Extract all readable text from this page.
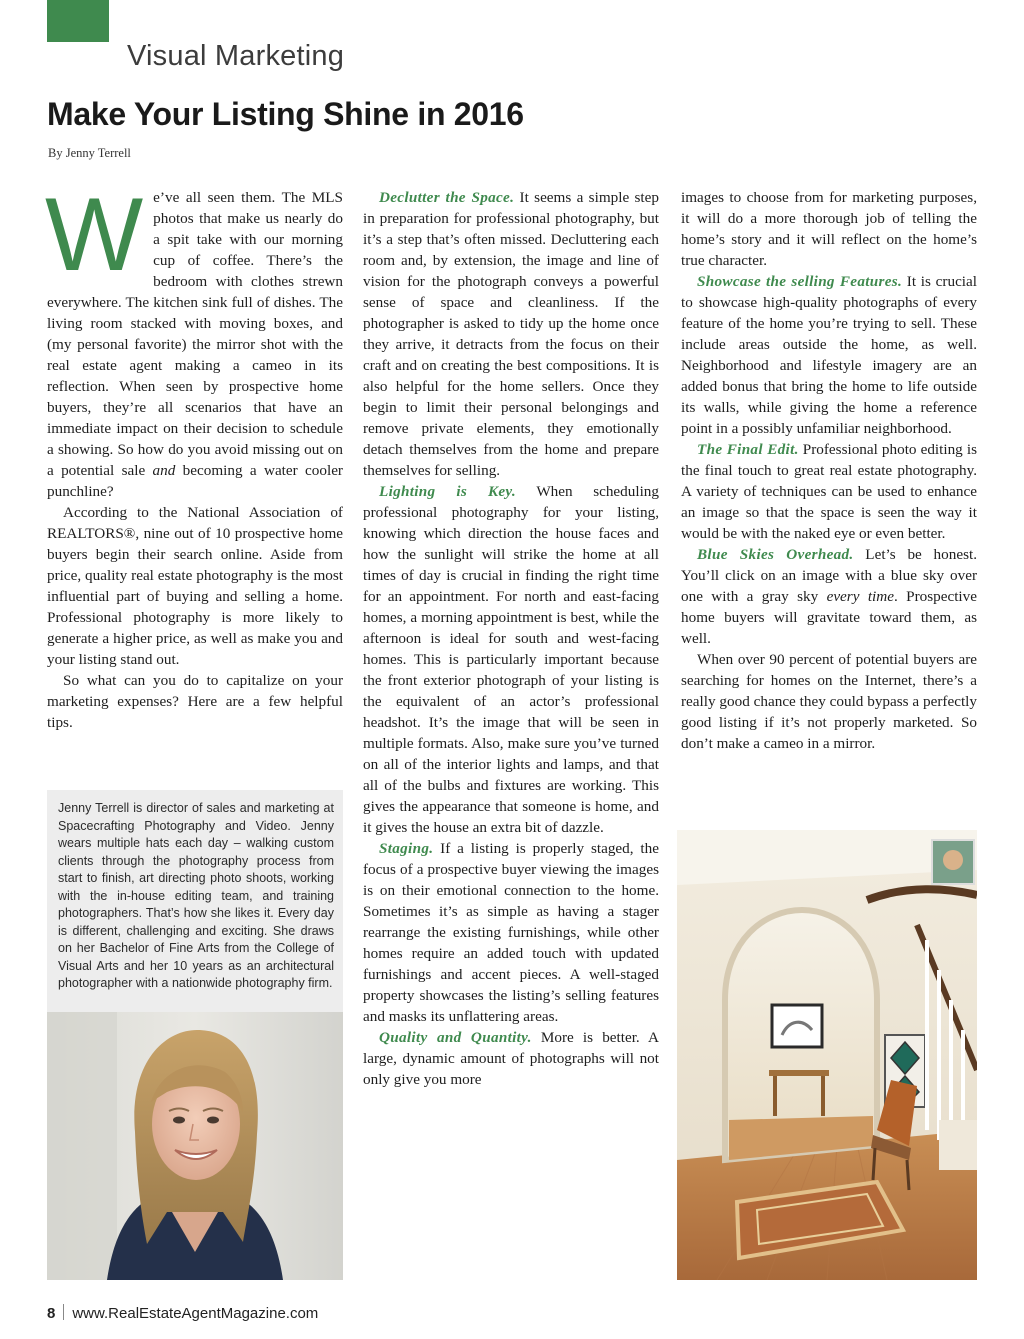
Visual Marketing
Make Your Listing Shine in 2016
By Jenny Terrell

We’ve all seen them. The MLS photos that make us nearly do a spit take with our morning cup of coffee. There’s the bedroom with clothes strewn everywhere. The kitchen sink full of dishes. The living room stacked with moving boxes, and (my personal favorite) the mirror shot with the real estate agent making a cameo in its reflection. When seen by prospective home buyers, they’re all scenarios that have an immediate impact on their decision to schedule a showing. So how do you avoid missing out on a potential sale and becoming a water cooler punchline?

According to the National Association of REALTORS®, nine out of 10 prospective home buyers begin their search online. Aside from price, quality real estate photography is the most influential part of buying and selling a home. Professional photography is more likely to generate a higher price, as well as make you and your listing stand out.

So what can you do to capitalize on your marketing expenses? Here are a few helpful tips.

Jenny Terrell is director of sales and marketing at Spacecrafting Photography and Video. Jenny wears multiple hats each day – walking custom clients through the photography process from start to finish, art directing photo shoots, working with the in-house editing team, and training photographers. That’s how she likes it. Every day is different, challenging and exciting. She draws on her Bachelor of Fine Arts from the College of Visual Arts and her 10 years as an architectural photographer with a nationwide photography firm.

Declutter the Space. It seems a simple step in preparation for professional photography, but it’s a step that’s often missed. Decluttering each room and, by extension, the image and line of vision for the photograph conveys a powerful sense of space and cleanliness. If the photographer is asked to tidy up the home once they arrive, it detracts from the focus on their craft and on creating the best compositions. It is also helpful for the home sellers. Once they begin to limit their personal belongings and remove private elements, they emotionally detach themselves from the home and prepare themselves for selling.

Lighting is Key. When scheduling professional photography for your listing, knowing which direction the house faces and how the sunlight will strike the home at all times of day is crucial in finding the right time for an appointment. For north and east-facing homes, a morning appointment is best, while the afternoon is ideal for south and west-facing homes. This is particularly important because the front exterior photograph of your listing is the equivalent of an actor’s professional headshot. It’s the image that will be seen in multiple formats. Also, make sure you’ve turned on all of the interior lights and lamps, and that all of the bulbs and fixtures are working. This gives the appearance that someone is home, and it gives the house an extra bit of dazzle.

Staging. If a listing is properly staged, the focus of a prospective buyer viewing the images is on their emotional connection to the home. Sometimes it’s as simple as having a stager rearrange the existing furnishings, while other homes require an added touch with updated furnishings and accent pieces. A well-staged property showcases the listing’s selling features and masks its unflattering areas.

Quality and Quantity. More is better. A large, dynamic amount of photographs will not only give you more

images to choose from for marketing purposes, it will do a more thorough job of telling the home’s story and it will reflect on the home’s true character.

Showcase the selling Features. It is crucial to showcase high-quality photographs of every feature of the home you’re trying to sell. These include areas outside the home, as well. Neighborhood and lifestyle imagery are an added bonus that bring the home to life outside its walls, while giving the home a reference point in a possibly unfamiliar neighborhood.

The Final Edit. Professional photo editing is the final touch to great real estate photography. A variety of techniques can be used to enhance an image so that the space is seen the way it would be with the naked eye or even better.

Blue Skies Overhead. Let’s be honest. You’ll click on an image with a blue sky over one with a gray sky every time. Prospective home buyers will gravitate toward them, as well.

When over 90 percent of potential buyers are searching for homes on the Internet, there’s a really good chance they could bypass a perfectly good listing if it’s not properly marketed. So don’t make a cameo in a mirror.

8 www.RealEstateAgentMagazine.com
